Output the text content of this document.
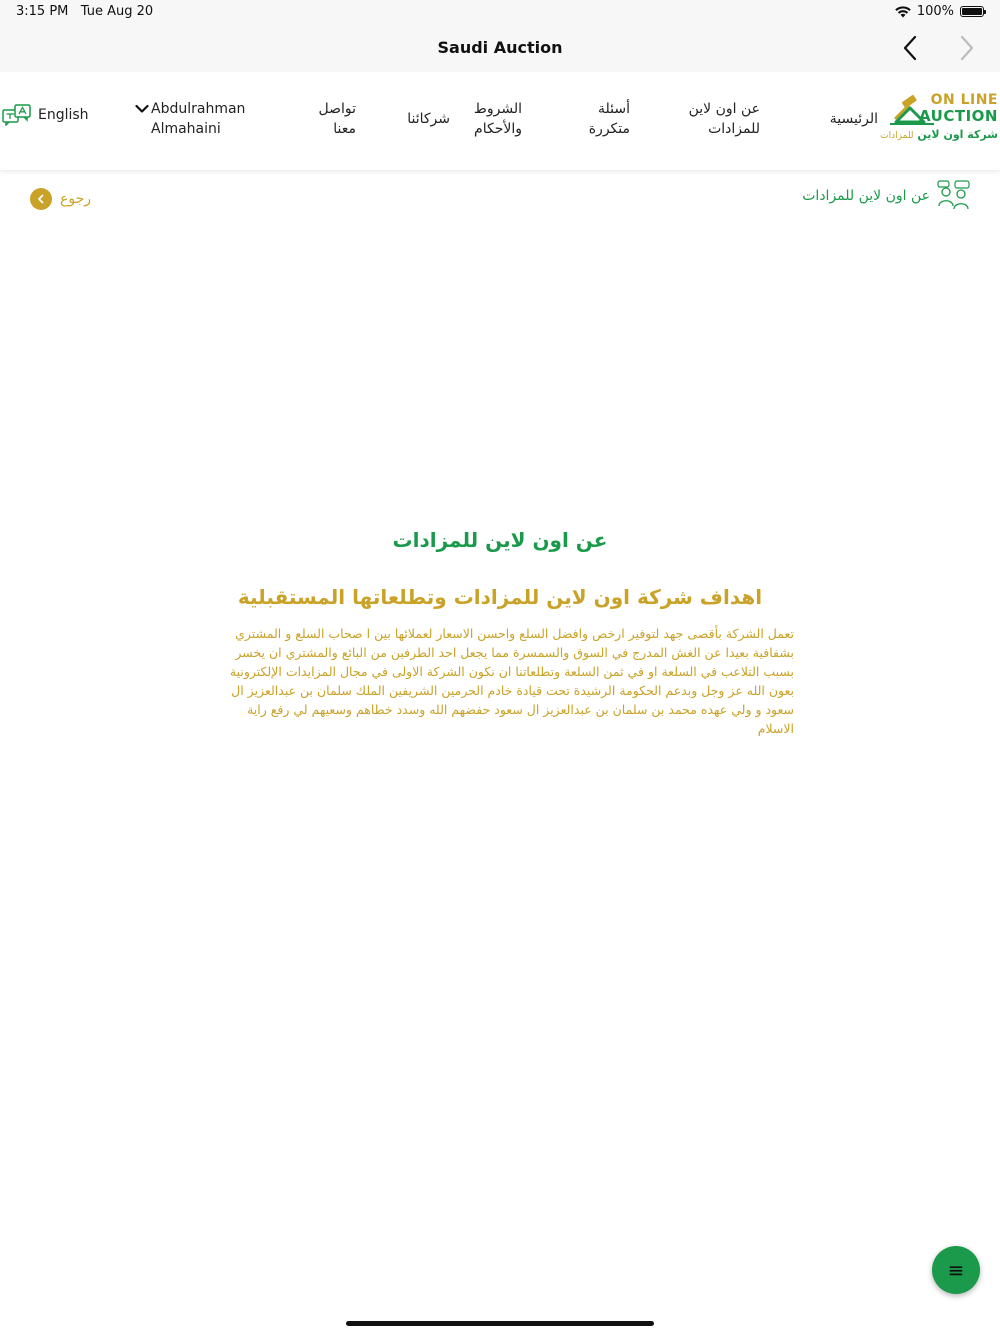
3:15 PM Tue Aug 20	100%
Saudi Auction
ON LINE
AUCTION
شركة اون لاين للمزادات
الرئيسية
عن اون لاين للمزادات
أسئلة متكررة
الشروط والأحكام
شركائنا
تواصل معنا
Abdulrahman Almahaini
English
رجوع	عن اون لاين للمزادات
عن اون لاين للمزادات
اهداف شركة اون لاين للمزادات وتطلعاتها المستقبلية
تعمل الشركة بأقصى جهد لتوفير ارخص وافضل السلع واحسن الاسعار لعملائها بين ا صحاب السلع و المشتري بشفافية بعيدا عن الغش المدرج في السوق والسمسرة مما يجعل احد الطرفين من البائع والمشتري ان يخسر بسبب التلاعب في السلعة او في ثمن السلعة وتطلعاتنا ان نكون الشركة الاولى في مجال المزايدات الإلكترونية بعون الله عز وجل وبدعم الحكومة الرشيدة تحت قيادة خادم الحرمين الشريفين الملك سلمان بن عبدالعزيز ال سعود و ولي عهده محمد بن سلمان بن عبدالعزيز ال سعود حفضهم الله وسدد خطاهم وسعيهم لي رفع راية الاسلام
≡
